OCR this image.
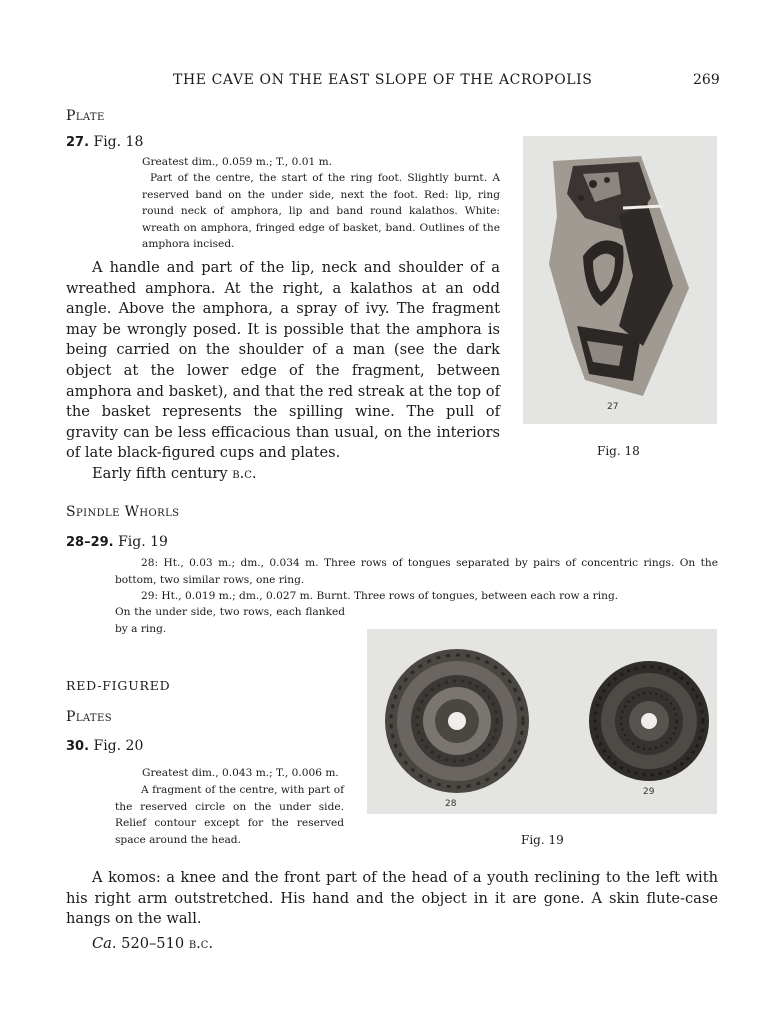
THE CAVE ON THE EAST SLOPE OF THE ACROPOLIS	269
Plate
27. Fig. 18
Greatest dim., 0.059 m.; T., 0.01 m.
Part of the centre, the start of the ring foot. Slightly burnt. A reserved band on the under side, next the foot. Red: lip, ring round neck of amphora, lip and band round kalathos. White: wreath on amphora, fringed edge of basket, band. Outlines of the amphora incised.
A handle and part of the lip, neck and shoulder of a wreathed amphora. At the right, a kalathos at an odd angle. Above the amphora, a spray of ivy. The fragment may be wrongly posed. It is possible that the amphora is being carried on the shoulder of a man (see the dark object at the lower edge of the fragment, between amphora and basket), and that the red streak at the top of the basket represents the spilling wine. The pull of gravity can be less efficacious than usual, on the interiors of late black-figured cups and plates.
Early fifth century b.c.
27
Fig. 18
Spindle Whorls
28–29. Fig. 19
28: Ht., 0.03 m.; dm., 0.034 m. Three rows of tongues separated by pairs of concentric rings. On the bottom, two similar rows, one ring.
29: Ht., 0.019 m.; dm., 0.027 m. Burnt. Three rows of tongues, between each row a ring.
On the under side, two rows, each flanked by a ring.
28
29
Fig. 19
RED-FIGURED
Plates
30. Fig. 20
Greatest dim., 0.043 m.; T., 0.006 m.
A fragment of the centre, with part of the reserved circle on the under side. Relief contour except for the reserved space around the head.
A komos: a knee and the front part of the head of a youth reclining to the left with his right arm outstretched. His hand and the object in it are gone. A skin flute-case hangs on the wall.
Ca. 520–510 b.c.
